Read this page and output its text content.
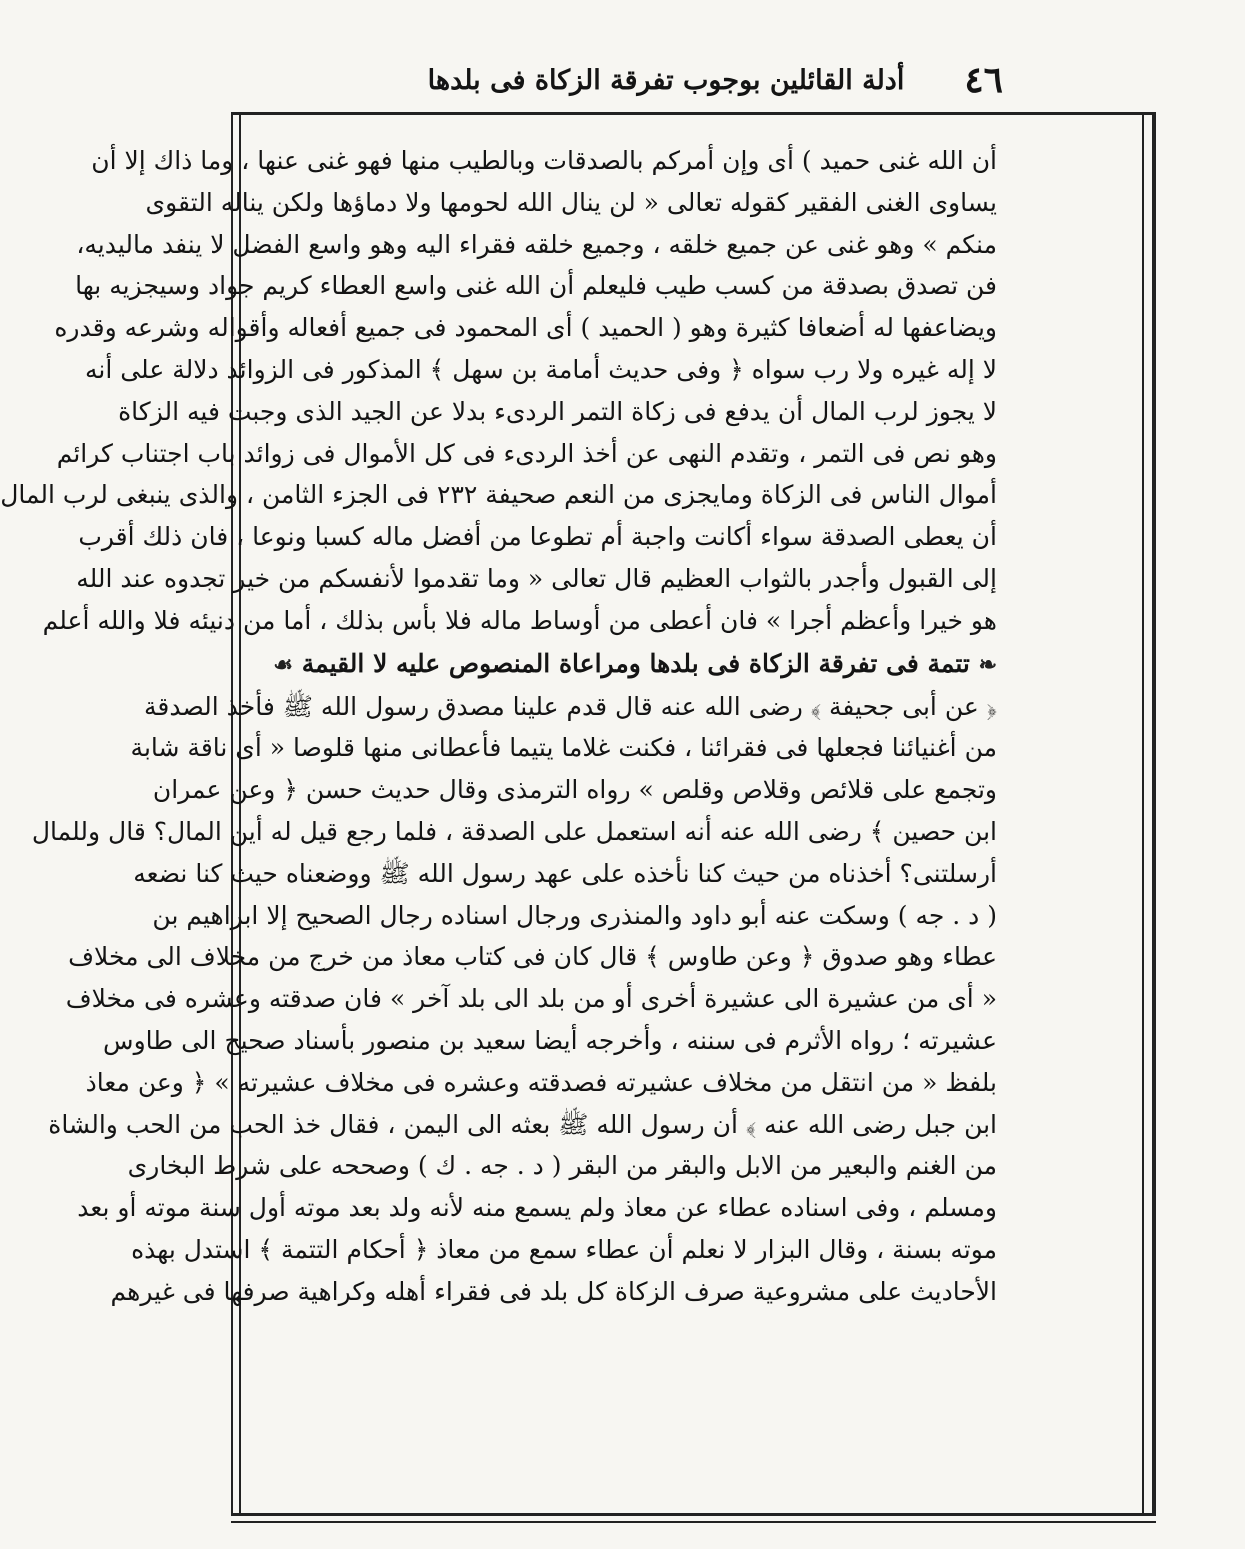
٤٦
أدلة القائلين بوجوب تفرقة الزكاة فى بلدها
أن الله غنى حميد ) أى وإن أمركم بالصدقات وبالطيب منها فهو غنى عنها ، وما ذاك إلا أن
يساوى الغنى الفقير كقوله تعالى « لن ينال الله لحومها ولا دماؤها ولكن يناله التقوى
منكم » وهو غنى عن جميع خلقه ، وجميع خلقه فقراء اليه وهو واسع الفضل لا ينفد ماليديه،
فن تصدق بصدقة من كسب طيب فليعلم أن الله غنى واسع العطاء كريم جواد وسيجزيه بها
ويضاعفها له أضعافا كثيرة وهو ( الحميد ) أى المحمود فى جميع أفعاله وأقواله وشرعه وقدره
لا إله غيره ولا رب سواه ﴿ وفى حديث أمامة بن سهل ﴾ المذكور فى الزوائد دلالة على أنه
لا يجوز لرب المال أن يدفع فى زكاة التمر الردىء بدلا عن الجيد الذى وجبت فيه الزكاة
وهو نص فى التمر ، وتقدم النهى عن أخذ الردىء فى كل الأموال فى زوائد باب اجتناب كرائم
أموال الناس فى الزكاة ومايجزى من النعم صحيفة ٢٣٢ فى الجزء الثامن ، والذى ينبغى لرب المال
أن يعطى الصدقة سواء أكانت واجبة أم تطوعا من أفضل ماله كسبا ونوعا ، فان ذلك أقرب
إلى القبول وأجدر بالثواب العظيم قال تعالى « وما تقدموا لأنفسكم من خير تجدوه عند الله
هو خيرا وأعظم أجرا » فان أعطى من أوساط ماله فلا بأس بذلك ، أما من دنيئه فلا والله أعلم
❧ تتمة فى تفرقة الزكاة فى بلدها ومراعاة المنصوص عليه لا القيمة ☙
﴿ عن أبى جحيفة ﴾ رضى الله عنه قال قدم علينا مصدق رسول الله ﷺ فأخذ الصدقة
من أغنيائنا فجعلها فى فقرائنا ، فكنت غلاما يتيما فأعطانى منها قلوصا « أى ناقة شابة
وتجمع على قلائص وقلاص وقلص » رواه الترمذى وقال حديث حسن ﴿ وعن عمران
ابن حصين ﴾ رضى الله عنه أنه استعمل على الصدقة ، فلما رجع قيل له أين المال؟ قال وللمال
أرسلتنى؟ أخذناه من حيث كنا نأخذه على عهد رسول الله ﷺ ووضعناه حيث كنا نضعه
( د . جه ) وسكت عنه أبو داود والمنذرى ورجال اسناده رجال الصحيح إلا ابراهيم بن
عطاء وهو صدوق ﴿ وعن طاوس ﴾ قال كان فى كتاب معاذ من خرج من مخلاف الى مخلاف
« أى من عشيرة الى عشيرة أخرى أو من بلد الى بلد آخر » فان صدقته وعشره فى مخلاف
عشيرته ؛ رواه الأثرم فى سننه ، وأخرجه أيضا سعيد بن منصور بأسناد صحيح الى طاوس
بلفظ « من انتقل من مخلاف عشيرته فصدقته وعشره فى مخلاف عشيرته » ﴿ وعن معاذ
ابن جبل رضى الله عنه ﴾ أن رسول الله ﷺ بعثه الى اليمن ، فقال خذ الحب من الحب والشاة
من الغنم والبعير من الابل والبقر من البقر ( د . جه . ك ) وصححه على شرط البخارى
ومسلم ، وفى اسناده عطاء عن معاذ ولم يسمع منه لأنه ولد بعد موته أول سنة موته أو بعد
موته بسنة ، وقال البزار لا نعلم أن عطاء سمع من معاذ ﴿ أحكام التتمة ﴾ استدل بهذه
الأحاديث على مشروعية صرف الزكاة كل بلد فى فقراء أهله وكراهية صرفها فى غيرهم
